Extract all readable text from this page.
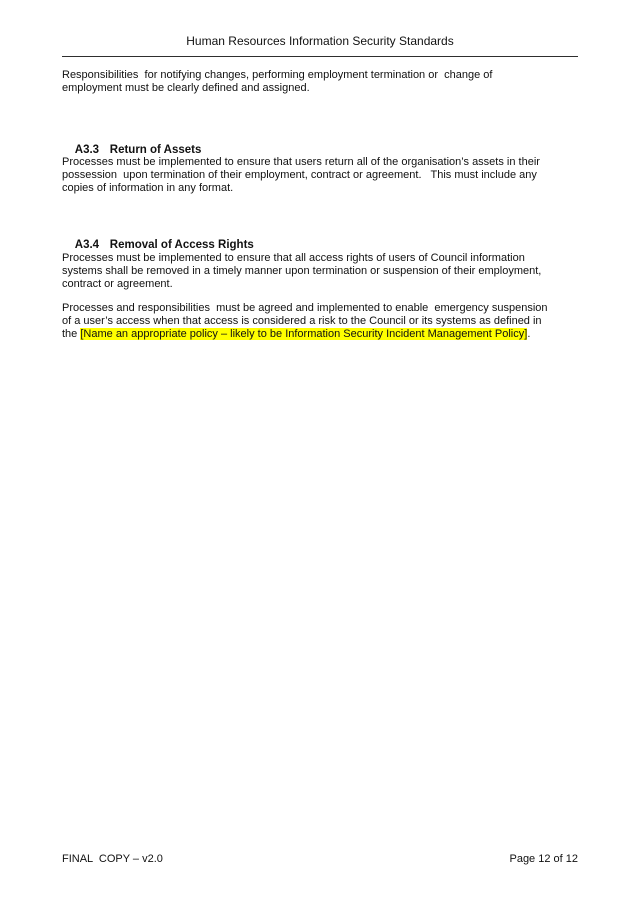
Human Resources Information Security Standards
Responsibilities  for notifying changes, performing employment termination or  change of
employment must be clearly defined and assigned.

A3.3 Return of Assets

Processes must be implemented to ensure that users return all of the organisation’s assets in their
possession  upon termination of their employment, contract or agreement.   This must include any
copies of information in any format.

A3.4 Removal of Access Rights

Processes must be implemented to ensure that all access rights of users of Council information
systems shall be removed in a timely manner upon termination or suspension of their employment,
contract or agreement.
Processes and responsibilities  must be agreed and implemented to enable  emergency suspension
of a user’s access when that access is considered a risk to the Council or its systems as defined in
the [Name an appropriate policy – likely to be Information Security Incident Management Policy].
FINAL  COPY – v2.0	Page 12 of 12
